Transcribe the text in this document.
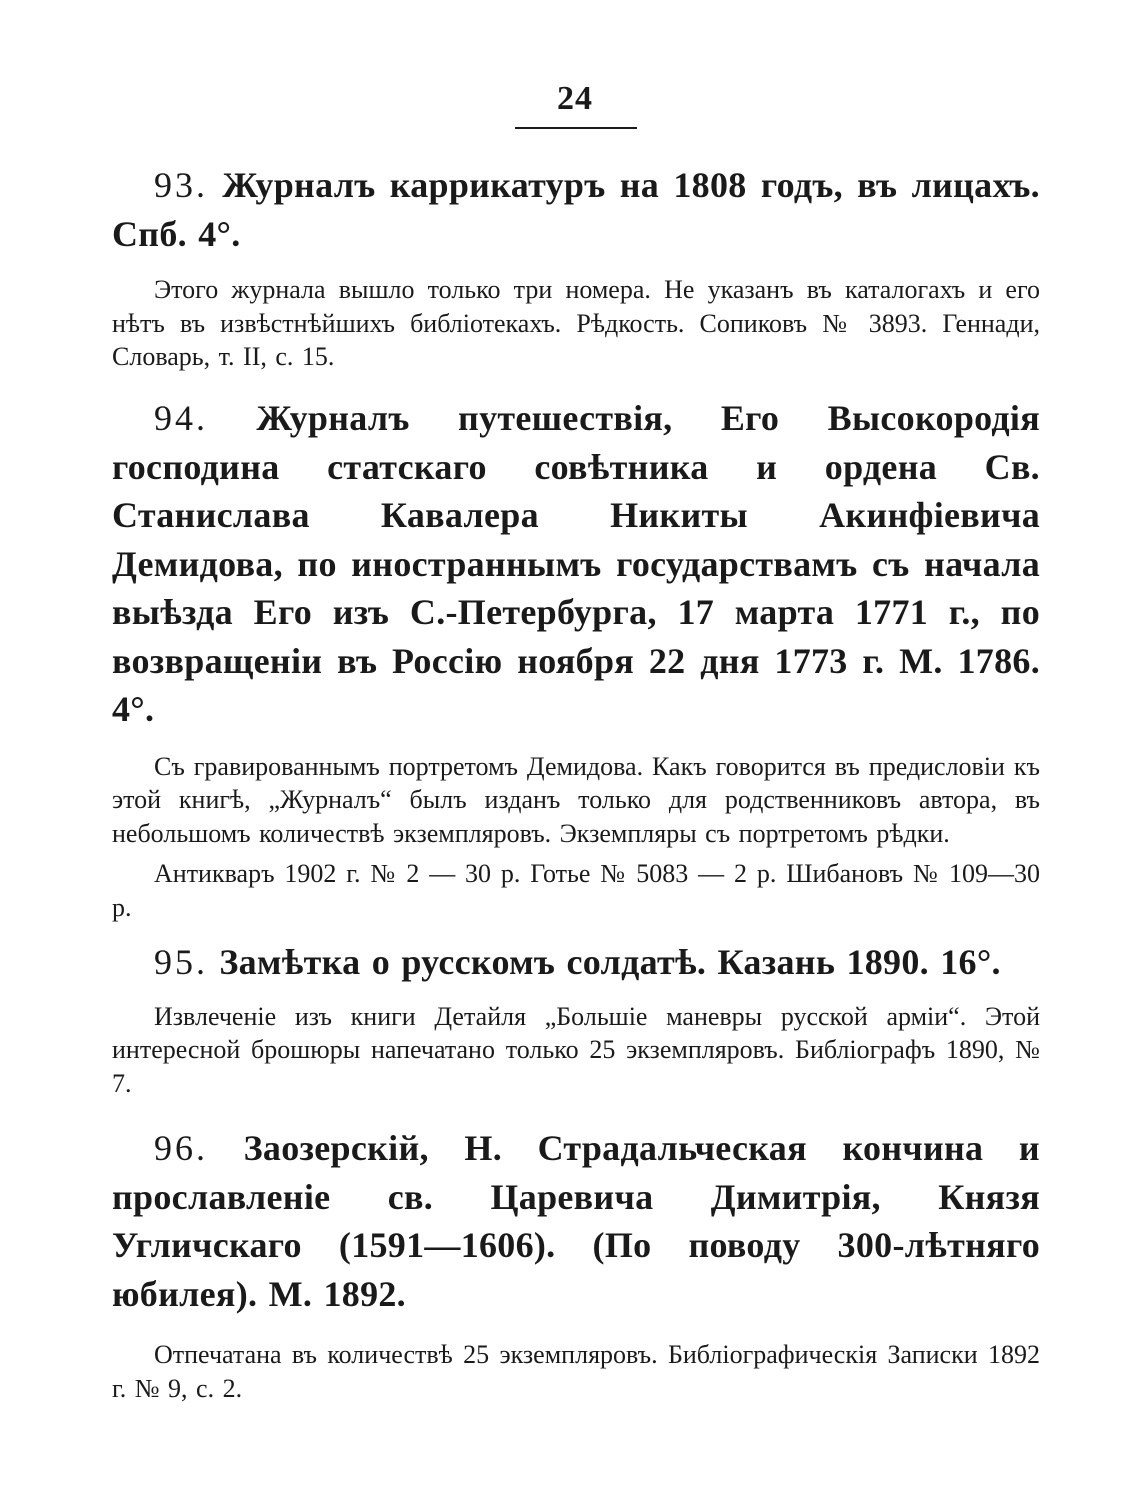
24

93. Журналъ каррикатуръ на 1808 годъ, въ лицахъ. Спб. 4°.

Этого журнала вышло только три номера. Не указанъ въ каталогахъ и его нѣтъ въ извѣстнѣйшихъ библіотекахъ. Рѣдкость. Сопиковъ № 3893. Геннади, Словарь, т. II, с. 15.

94. Журналъ путешествія, Его Высокородія господина статскаго совѣтника и ордена Св. Станислава Кавалера Никиты Акинфіевича Демидова, по иностраннымъ государствамъ съ начала выѣзда Его изъ С.-Петербурга, 17 марта 1771 г., по возвращеніи въ Россію ноября 22 дня 1773 г. М. 1786. 4°.

Съ гравированнымъ портретомъ Демидова. Какъ говорится въ предисловіи къ этой книгѣ, „Журналъ“ былъ изданъ только для родственниковъ автора, въ небольшомъ количествѣ экземпляровъ. Экземпляры съ портретомъ рѣдки.

Антикваръ 1902 г. № 2 — 30 р. Готье № 5083 — 2 р. Шибановъ № 109—30 р.

95. Замѣтка о русскомъ солдатѣ. Казань 1890. 16°.

Извлеченіе изъ книги Детайля „Большіе маневры русской арміи“. Этой интересной брошюры напечатано только 25 экземпляровъ. Библіографъ 1890, № 7.

96. Заозерскій, Н. Страдальческая кончина и прославленіе св. Царевича Димитрія, Князя Угличскаго (1591—1606). (По поводу 300-лѣтняго юбилея). М. 1892.

Отпечатана въ количествѣ 25 экземпляровъ. Библіографическія Записки 1892 г. № 9, с. 2.
